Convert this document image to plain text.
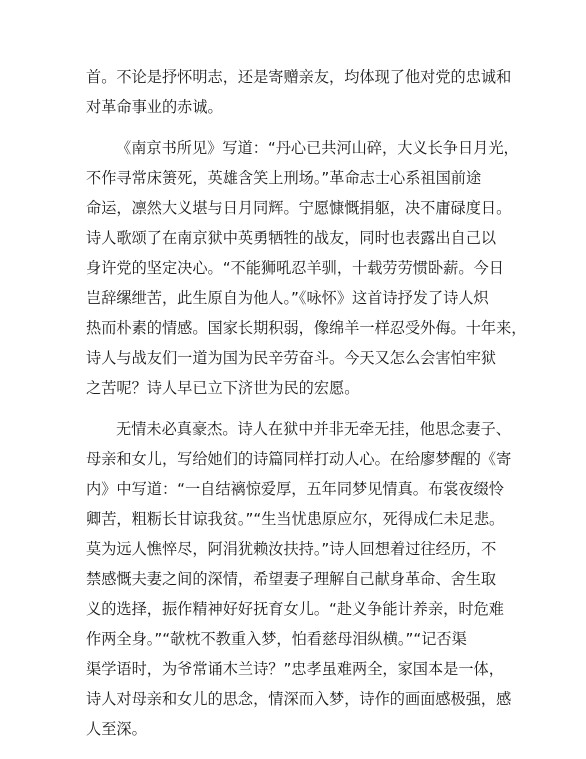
首。不论是抒怀明志，还是寄赠亲友，均体现了他对党的忠诚和
对革命事业的赤诚。
《南京书所见》写道：“丹心已共河山碎，大义长争日月光，
不作寻常床箦死，英雄含笑上刑场。”革命志士心系祖国前途
命运，凛然大义堪与日月同辉。宁愿慷慨捐躯，决不庸碌度日。
诗人歌颂了在南京狱中英勇牺牲的战友，同时也表露出自己以
身许党的坚定决心。“不能狮吼忍羊驯，十载劳劳惯卧薪。今日
岂辞缧绁苦，此生原自为他人。”《咏怀》这首诗抒发了诗人炽
热而朴素的情感。国家长期积弱，像绵羊一样忍受外侮。十年来，
诗人与战友们一道为国为民辛劳奋斗。今天又怎么会害怕牢狱
之苦呢？诗人早已立下济世为民的宏愿。
无情未必真豪杰。诗人在狱中并非无牵无挂，他思念妻子、
母亲和女儿，写给她们的诗篇同样打动人心。在给廖梦醒的《寄
内》中写道：“一自结褵惊爱厚，五年同梦见情真。布裳夜缀怜
卿苦，粗粝长甘谅我贫。”“生当忧患原应尔，死得成仁未足悲。
莫为远人憔悴尽，阿涓犹赖汝扶持。”诗人回想着过往经历，不
禁感慨夫妻之间的深情，希望妻子理解自己献身革命、舍生取
义的选择，振作精神好好抚育女儿。“赴义争能计养亲，时危难
作两全身。”“欹枕不教重入梦，怕看慈母泪纵横。”“记否渠
渠学语时，为爷常诵木兰诗？”忠孝虽难两全，家国本是一体，
诗人对母亲和女儿的思念，情深而入梦，诗作的画面感极强，感
人至深。
